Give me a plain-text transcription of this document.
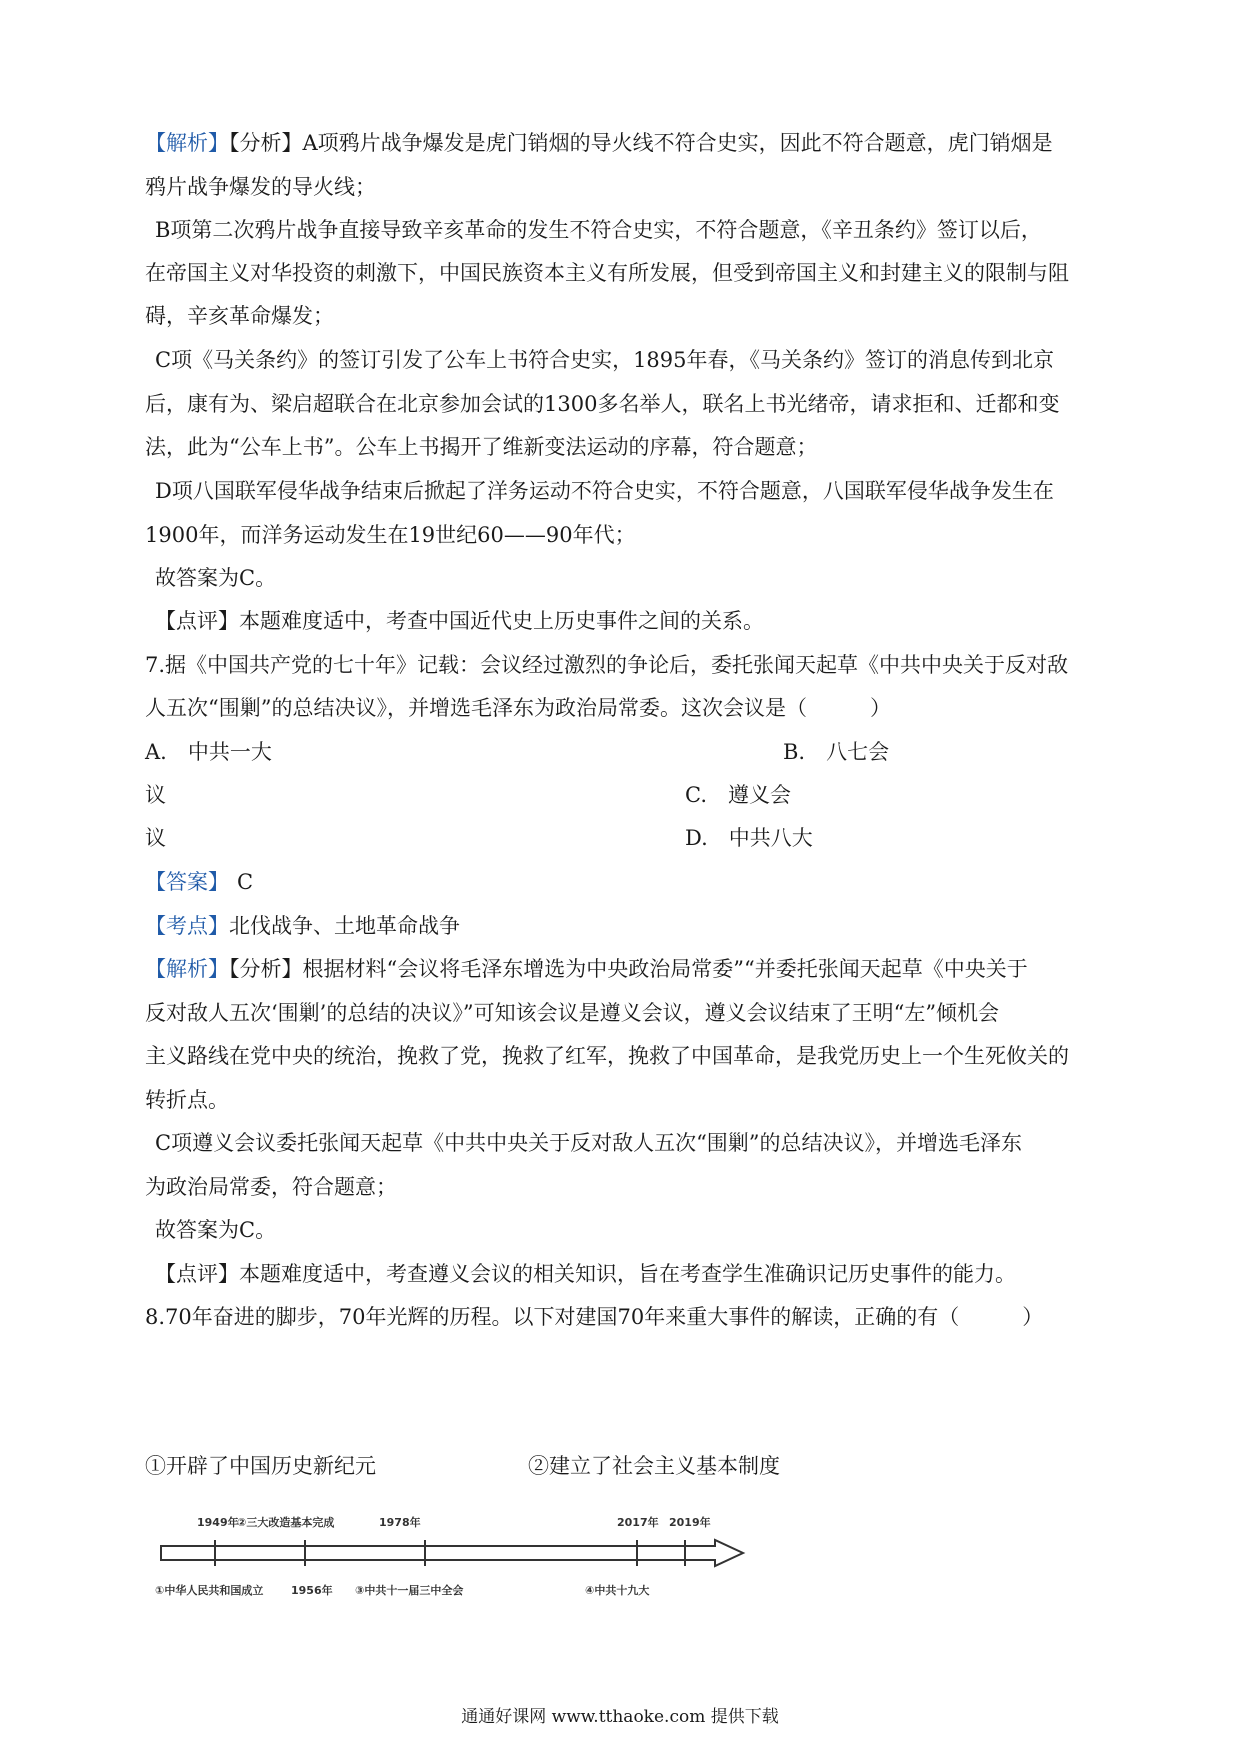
【解析】【分析】A项鸦片战争爆发是虎门销烟的导火线不符合史实，因此不符合题意，虎门销烟是
鸦片战争爆发的导火线；
B项第二次鸦片战争直接导致辛亥革命的发生不符合史实，不符合题意，《辛丑条约》签订以后，
在帝国主义对华投资的刺激下，中国民族资本主义有所发展，但受到帝国主义和封建主义的限制与阻
碍，辛亥革命爆发；
C项《马关条约》的签订引发了公车上书符合史实，1895年春，《马关条约》签订的消息传到北京
后，康有为、梁启超联合在北京参加会试的1300多名举人，联名上书光绪帝，请求拒和、迁都和变
法，此为“公车上书”。公车上书揭开了维新变法运动的序幕，符合题意；
D项八国联军侵华战争结束后掀起了洋务运动不符合史实，不符合题意，八国联军侵华战争发生在
1900年，而洋务运动发生在19世纪60——90年代；
故答案为C。
【点评】本题难度适中，考查中国近代史上历史事件之间的关系。
7.据《中国共产党的七十年》记载：会议经过激烈的争论后，委托张闻天起草《中共中央关于反对敌
人五次“围剿”的总结决议》，并增选毛泽东为政治局常委。这次会议是（　　　）
A.　中共一大	B.　八七会
议	C.　遵义会
议	D.　中共八大
【答案】 C
【考点】北伐战争、土地革命战争
【解析】【分析】根据材料“会议将毛泽东增选为中央政治局常委”“并委托张闻天起草《中央关于
反对敌人五次‘围剿’的总结的决议》”可知该会议是遵义会议，遵义会议结束了王明“左”倾机会
主义路线在党中央的统治，挽救了党，挽救了红军，挽救了中国革命，是我党历史上一个生死攸关的
转折点。
C项遵义会议委托张闻天起草《中共中央关于反对敌人五次“围剿”的总结决议》，并增选毛泽东
为政治局常委，符合题意；
故答案为C。
【点评】本题难度适中，考查遵义会议的相关知识，旨在考查学生准确识记历史事件的能力。
8.70年奋进的脚步，70年光辉的历程。以下对建国70年来重大事件的解读，正确的有（　　　）
1949年
②三大改造基本完成	1978年	2017年 2019年
①中华人民共和国成立	1956年 ③中共十一届三中全会	④中共十九大
①开辟了中国历史新纪元	②建立了社会主义基本制度
通通好课网 www.tthaoke.com 提供下载
